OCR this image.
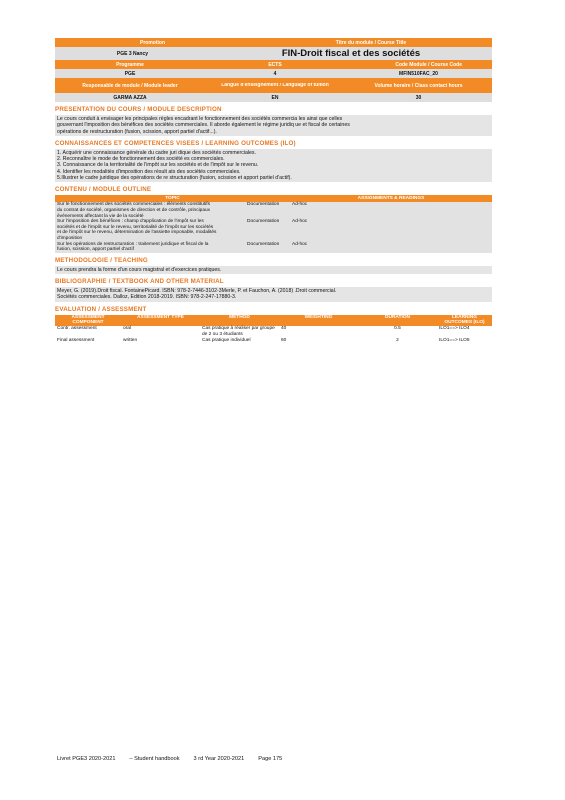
Promotion	Titre du module / Course Title
PGE 3 Nancy	FIN-Droit fiscal et des sociétés
Programme	ECTS	Code Module / Course Code
PGE	4	MFIN510FAC_20
Responsable de module / Module leader	Langue d'enseignement / Language of tuition	Volume horaire / Class contact hours
GARMA AZZA	EN	30
PRESENTATION DU COURS / MODULE DESCRIPTION
Le cours conduit à envisager les principales règles encadrant le fonctionnement des sociétés commercia les ainsi que celles
gouvernant l'imposition des bénéfices des sociétés commerciales. Il aborde également le régime juridiq ue et fiscal de certaines
opérations de restructuration (fusion, scission, apport partiel d'actif...).
CONNAISSANCES ET COMPETENCES VISEES / LEARNING OUTCOMES (ILO)
1. Acquérir une connaissance générale du cadre juri dique des sociétés commerciales.
2. Reconnaître le mode de fonctionnement des société es commerciales.
3. Connaissance de la territorialité de l'impôt sur les sociétés et de l'impôt sur le revenu.
4. Identifier les modalités d'imposition des résult ats des sociétés commerciales.
5.Illustrer le cadre juridique des opérations de re structuration (fusion, scission et apport partiel d'actif).
CONTENU / MODULE OUTLINE
TOPIC	ASSIGNMENTS & READINGS
Sur le fonctionnement des sociétés commerciales : éléments constitutifs
du contrat de société, organismes de direction et de contrôle, principaux
événements affectant la vie de la société
Documentation	Ad-hoc
Sur l'imposition des bénéfices : champ d'application de l'impôt sur les
sociétés et de l'impôt sur le revenu, territorialité de l'impôt sur les sociétés
et de l'impôt sur le revenu, détermination de l'assiette imposable, modalités
d'imposition
Documentation	Ad-hoc
Sur les opérations de restructuration : traitement juridique et fiscal de la
fusion, scission, apport partiel d'actif
Documentation	Ad-hoc
METHODOLOGIE / TEACHING
Le cours prendra la forme d'un cours magistral et d'exercices pratiques.
BIBLIOGRAPHIE / TEXTBOOK AND OTHER MATERIAL
Meyer, G. (2019).Droit fiscal. FontainePicard. ISBN: 978-2-7446-3102-3Merle, P. et Fauchon, A. (2018) .Droit commercial.
Sociétés commerciales. Dalloz, Edition 2018-2019. ISBN: 978-2-247-17880-3.
EVALUATION / ASSESSMENT
ASSESSMENT COMPONENT	ASSESSMENT TYPE	METHOD	WEIGHTING	DURATION	LEARNING OUTCOMES (ILO)
Contr. assessment	oral	Cas pratique à réaliser par groupe de 2 ou 3 étudiants	40	0.5	ILO1==> ILO4
Final assessment	written	Cas pratique individuel	60	2	ILO1==> ILO5
Livret PGE3 2020-2021	– Student handbook	3 rd Year 2020-2021	Page 175
